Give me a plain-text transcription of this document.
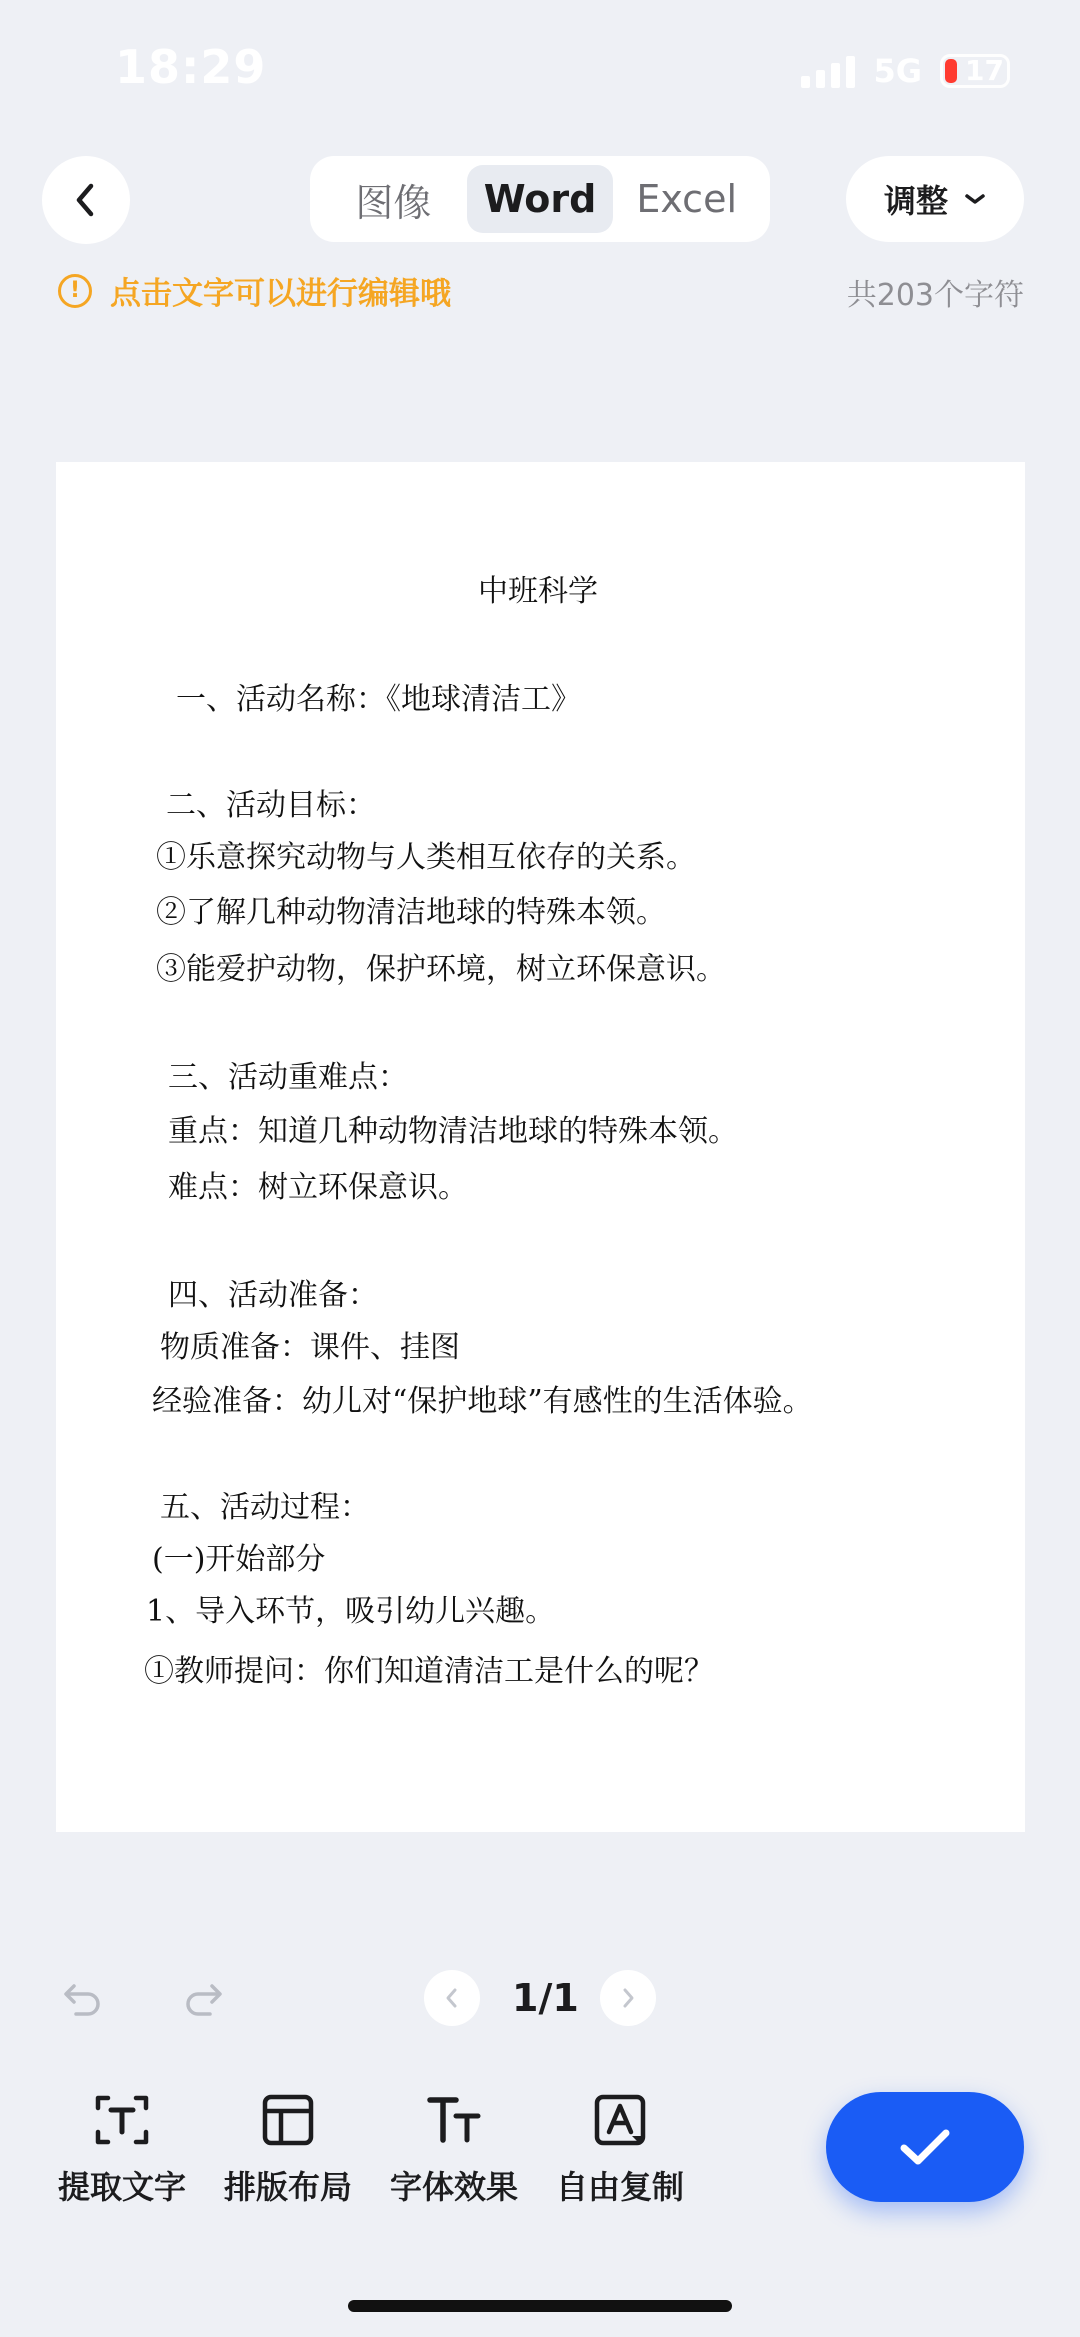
18:29	5G 17
图像	Word	Excel	调整
! 点击文字可以进行编辑哦	共203个字符
中班科学
一、活动名称：《地球清洁工》
二、活动目标：
①乐意探究动物与人类相互依存的关系。
②了解几种动物清洁地球的特殊本领。
③能爱护动物，保护环境，树立环保意识。
三、活动重难点：
重点：知道几种动物清洁地球的特殊本领。
难点：树立环保意识。
四、活动准备：
物质准备：课件、挂图
经验准备：幼儿对“保护地球”有感性的生活体验。
五、活动过程：
(一)开始部分
1、导入环节，吸引幼儿兴趣。
①教师提问：你们知道清洁工是什么的呢？
1/1
提取文字 排版布局 字体效果 自由复制
